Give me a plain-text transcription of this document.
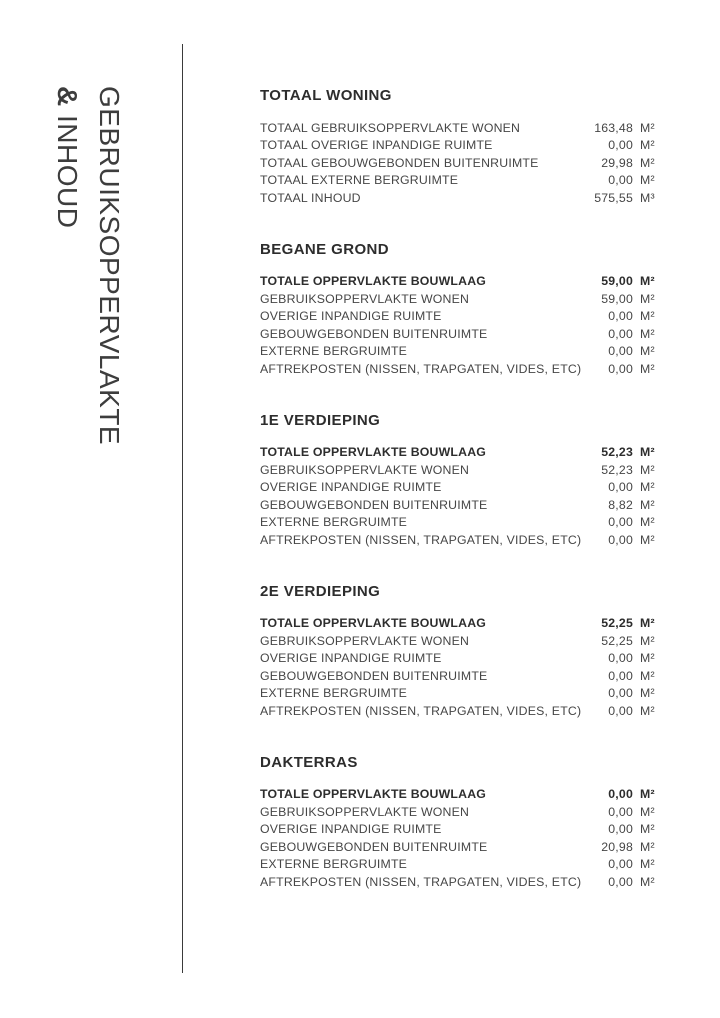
GEBRUIKSOPPERVLAKTE
& INHOUD
TOTAAL WONING
TOTAAL GEBRUIKSOPPERVLAKTE WONEN	163,48 M²
TOTAAL OVERIGE INPANDIGE RUIMTE	0,00 M²
TOTAAL GEBOUWGEBONDEN BUITENRUIMTE	29,98 M²
TOTAAL EXTERNE BERGRUIMTE	0,00 M²
TOTAAL INHOUD	575,55 M³
BEGANE GROND
TOTALE OPPERVLAKTE BOUWLAAG	59,00 M²
GEBRUIKSOPPERVLAKTE WONEN	59,00 M²
OVERIGE INPANDIGE RUIMTE	0,00 M²
GEBOUWGEBONDEN BUITENRUIMTE	0,00 M²
EXTERNE BERGRUIMTE	0,00 M²
AFTREKPOSTEN (NISSEN, TRAPGATEN, VIDES, ETC)	0,00 M²
1E VERDIEPING
TOTALE OPPERVLAKTE BOUWLAAG	52,23 M²
GEBRUIKSOPPERVLAKTE WONEN	52,23 M²
OVERIGE INPANDIGE RUIMTE	0,00 M²
GEBOUWGEBONDEN BUITENRUIMTE	8,82 M²
EXTERNE BERGRUIMTE	0,00 M²
AFTREKPOSTEN (NISSEN, TRAPGATEN, VIDES, ETC)	0,00 M²
2E VERDIEPING
TOTALE OPPERVLAKTE BOUWLAAG	52,25 M²
GEBRUIKSOPPERVLAKTE WONEN	52,25 M²
OVERIGE INPANDIGE RUIMTE	0,00 M²
GEBOUWGEBONDEN BUITENRUIMTE	0,00 M²
EXTERNE BERGRUIMTE	0,00 M²
AFTREKPOSTEN (NISSEN, TRAPGATEN, VIDES, ETC)	0,00 M²
DAKTERRAS
TOTALE OPPERVLAKTE BOUWLAAG	0,00 M²
GEBRUIKSOPPERVLAKTE WONEN	0,00 M²
OVERIGE INPANDIGE RUIMTE	0,00 M²
GEBOUWGEBONDEN BUITENRUIMTE	20,98 M²
EXTERNE BERGRUIMTE	0,00 M²
AFTREKPOSTEN (NISSEN, TRAPGATEN, VIDES, ETC)	0,00 M²
